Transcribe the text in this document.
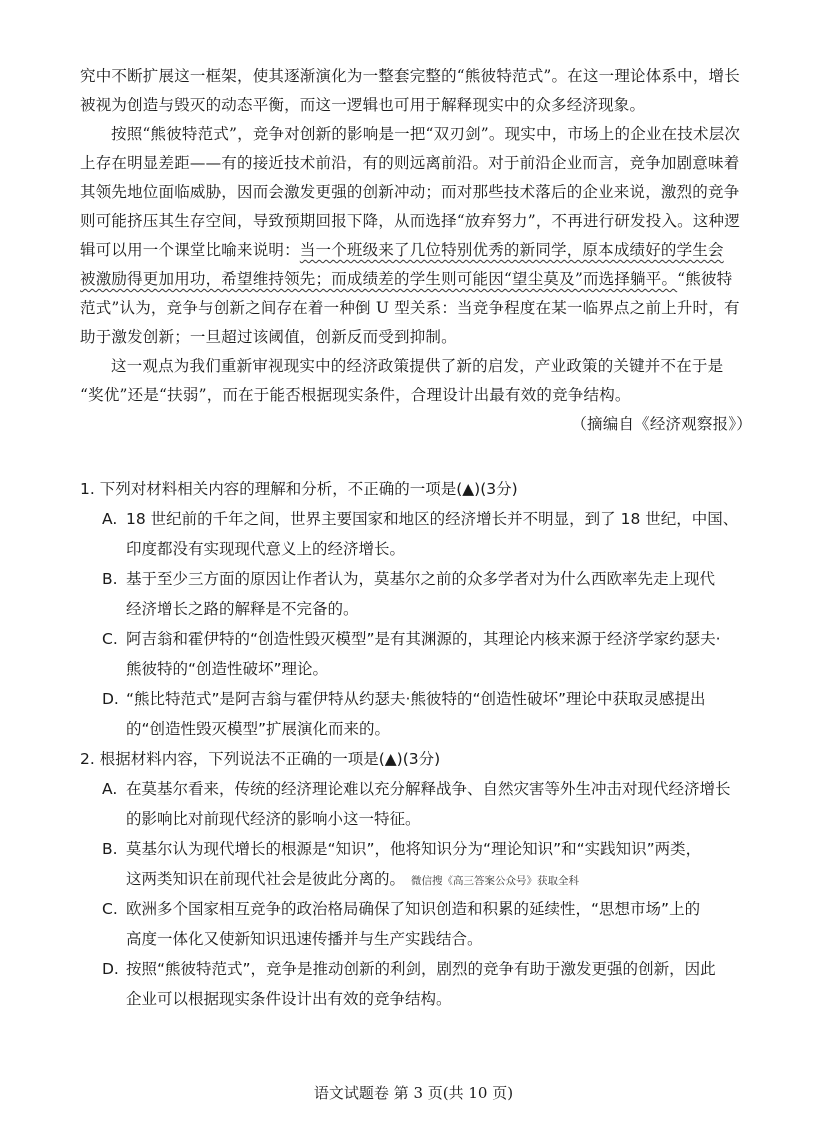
究中不断扩展这一框架，使其逐渐演化为一整套完整的“熊彼特范式”。在这一理论体系中，增长
被视为创造与毁灭的动态平衡，而这一逻辑也可用于解释现实中的众多经济现象。
按照“熊彼特范式”，竞争对创新的影响是一把“双刃剑”。现实中，市场上的企业在技术层次
上存在明显差距——有的接近技术前沿，有的则远离前沿。对于前沿企业而言，竞争加剧意味着
其领先地位面临威胁，因而会激发更强的创新冲动；而对那些技术落后的企业来说，激烈的竞争
则可能挤压其生存空间，导致预期回报下降，从而选择“放弃努力”，不再进行研发投入。这种逻
辑可以用一个课堂比喻来说明：当一个班级来了几位特别优秀的新同学，原本成绩好的学生会
被激励得更加用功，希望维持领先；而成绩差的学生则可能因“望尘莫及”而选择躺平。“熊彼特
范式”认为，竞争与创新之间存在着一种倒 U 型关系：当竞争程度在某一临界点之前上升时，有
助于激发创新；一旦超过该阈值，创新反而受到抑制。
这一观点为我们重新审视现实中的经济政策提供了新的启发，产业政策的关键并不在于是
“奖优”还是“扶弱”，而在于能否根据现实条件，合理设计出最有效的竞争结构。
（摘编自《经济观察报》）
1. 下列对材料相关内容的理解和分析，不正确的一项是(▲)(3分)
A. 18 世纪前的千年之间，世界主要国家和地区的经济增长并不明显，到了 18 世纪，中国、
印度都没有实现现代意义上的经济增长。
B. 基于至少三方面的原因让作者认为，莫基尔之前的众多学者对为什么西欧率先走上现代
经济增长之路的解释是不完备的。
C. 阿吉翁和霍伊特的“创造性毁灭模型”是有其渊源的，其理论内核来源于经济学家约瑟夫·
熊彼特的“创造性破坏”理论。
D. “熊比特范式”是阿吉翁与霍伊特从约瑟夫·熊彼特的“创造性破坏”理论中获取灵感提出
的“创造性毁灭模型”扩展演化而来的。
2. 根据材料内容，下列说法不正确的一项是(▲)(3分)
A. 在莫基尔看来，传统的经济理论难以充分解释战争、自然灾害等外生冲击对现代经济增长
的影响比对前现代经济的影响小这一特征。
B. 莫基尔认为现代增长的根源是“知识”，他将知识分为“理论知识”和“实践知识”两类，
这两类知识在前现代社会是彼此分离的。 微信搜《高三答案公众号》获取全科
C. 欧洲多个国家相互竞争的政治格局确保了知识创造和积累的延续性，“思想市场”上的
高度一体化又使新知识迅速传播并与生产实践结合。
D. 按照“熊彼特范式”，竞争是推动创新的利剑，剧烈的竞争有助于激发更强的创新，因此
企业可以根据现实条件设计出有效的竞争结构。
语文试题卷 第 3 页(共 10 页)
